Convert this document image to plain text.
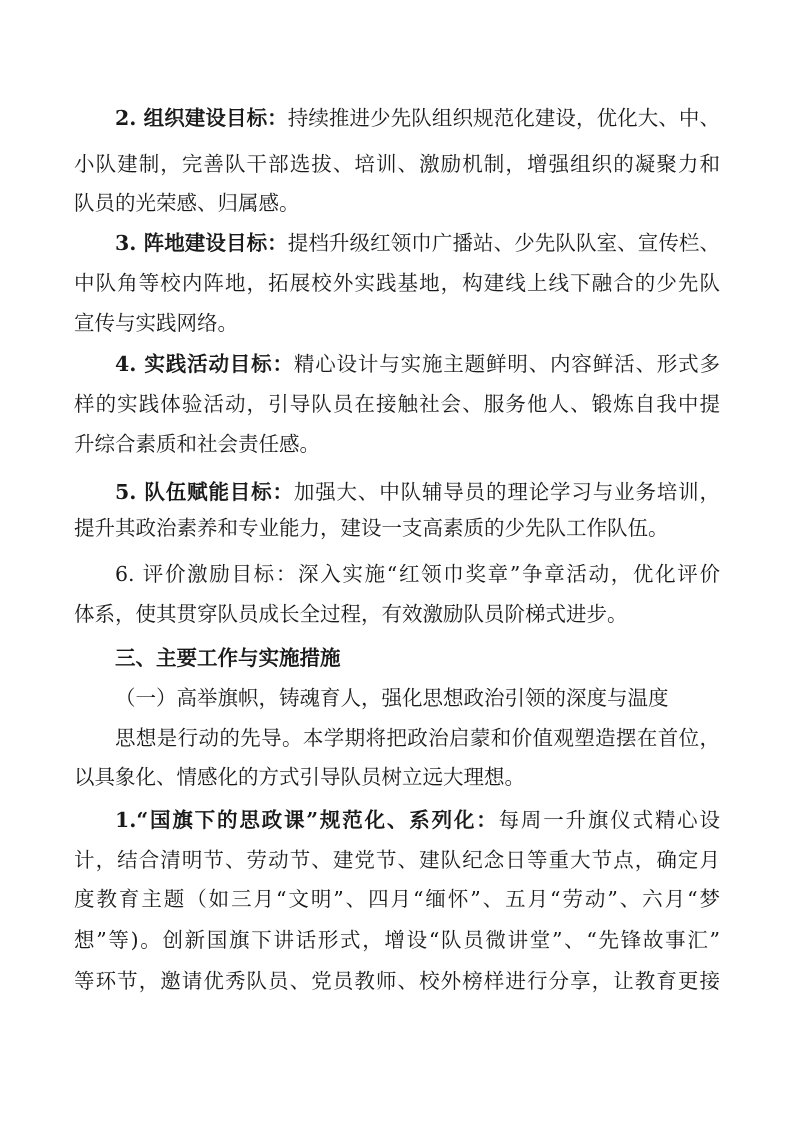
2. 组织建设目标：持续推进少先队组织规范化建设，优化大、中、
小队建制，完善队干部选拔、培训、激励机制，增强组织的凝聚力和
队员的光荣感、归属感。
3. 阵地建设目标：提档升级红领巾广播站、少先队队室、宣传栏、
中队角等校内阵地，拓展校外实践基地，构建线上线下融合的少先队
宣传与实践网络。
4. 实践活动目标：精心设计与实施主题鲜明、内容鲜活、形式多
样的实践体验活动，引导队员在接触社会、服务他人、锻炼自我中提
升综合素质和社会责任感。
5. 队伍赋能目标：加强大、中队辅导员的理论学习与业务培训，
提升其政治素养和专业能力，建设一支高素质的少先队工作队伍。
6. 评价激励目标：深入实施“红领巾奖章”争章活动，优化评价
体系，使其贯穿队员成长全过程，有效激励队员阶梯式进步。
三、主要工作与实施措施
（一）高举旗帜，铸魂育人，强化思想政治引领的深度与温度
思想是行动的先导。本学期将把政治启蒙和价值观塑造摆在首位，
以具象化、情感化的方式引导队员树立远大理想。
1.“国旗下的思政课”规范化、系列化：每周一升旗仪式精心设
计，结合清明节、劳动节、建党节、建队纪念日等重大节点，确定月
度教育主题（如三月“文明”、四月“缅怀”、五月“劳动”、六月“梦
想”等)。创新国旗下讲话形式，增设“队员微讲堂”、“先锋故事汇”
等环节，邀请优秀队员、党员教师、校外榜样进行分享，让教育更接
